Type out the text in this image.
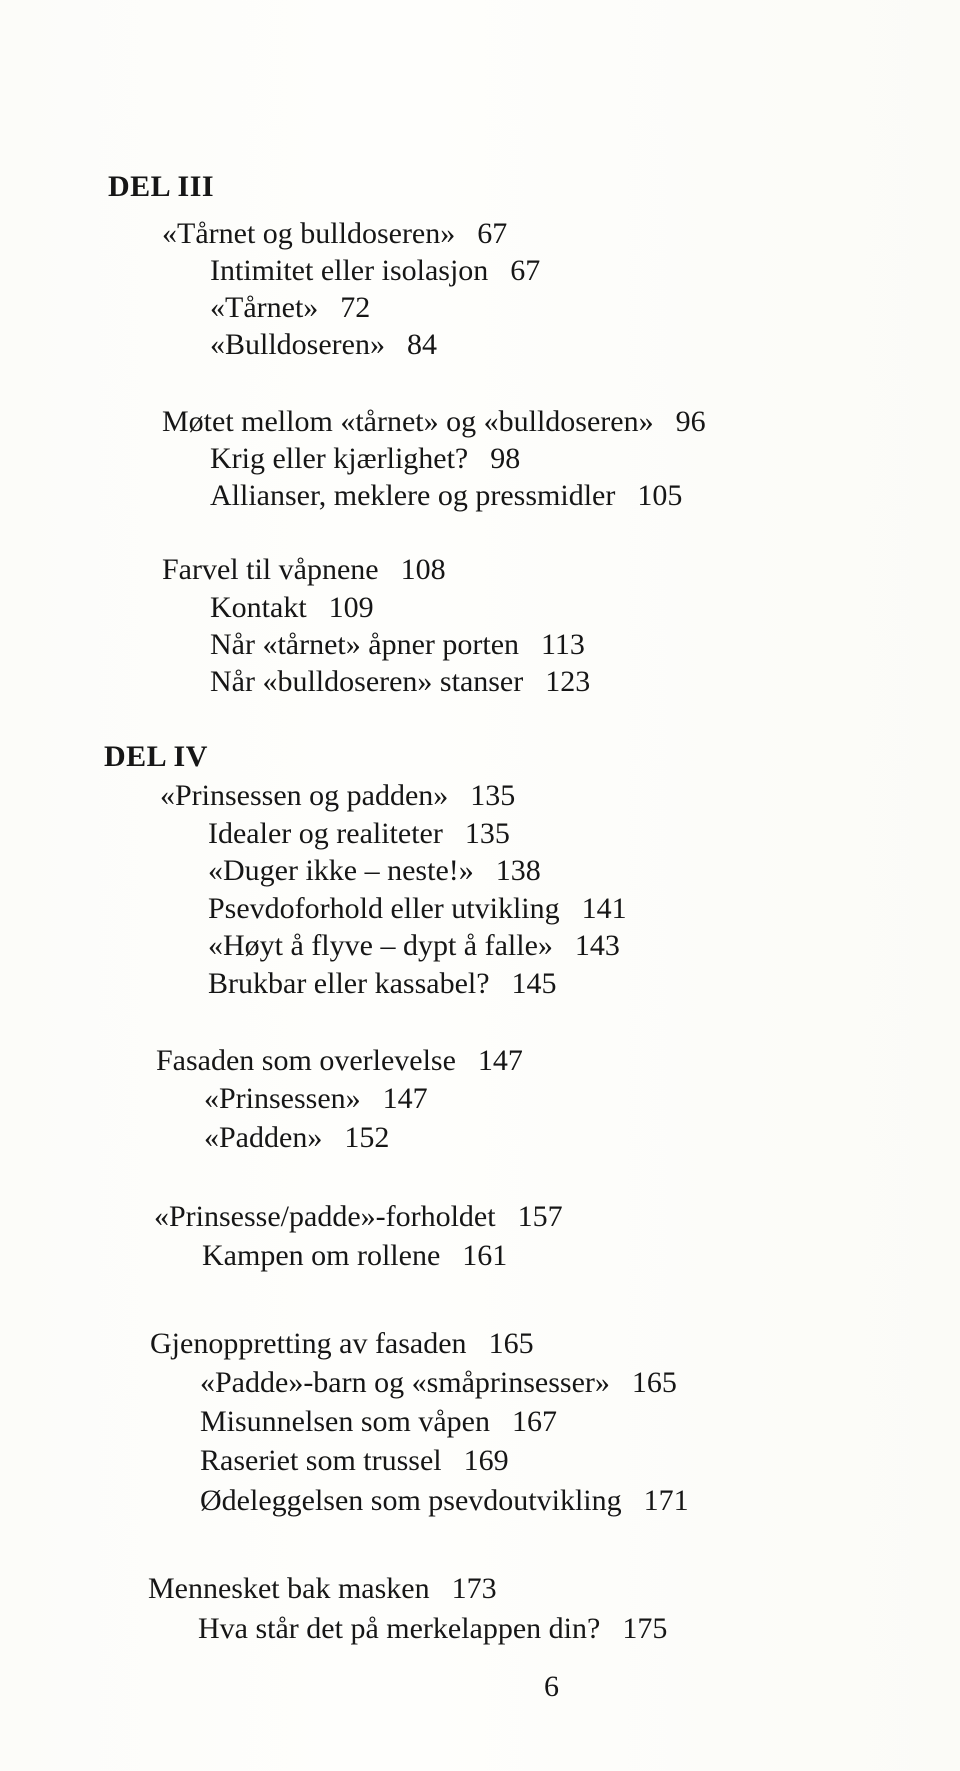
DEL III
«Tårnet og bulldoseren» 67
Intimitet eller isolasjon 67
«Tårnet» 72
«Bulldoseren» 84
Møtet mellom «tårnet» og «bulldoseren» 96
Krig eller kjærlighet? 98
Allianser, meklere og pressmidler 105
Farvel til våpnene 108
Kontakt 109
Når «tårnet» åpner porten 113
Når «bulldoseren» stanser 123
DEL IV
«Prinsessen og padden» 135
Idealer og realiteter 135
«Duger ikke – neste!» 138
Psevdoforhold eller utvikling 141
«Høyt å flyve – dypt å falle» 143
Brukbar eller kassabel? 145
Fasaden som overlevelse 147
«Prinsessen» 147
«Padden» 152
«Prinsesse/padde»-forholdet 157
Kampen om rollene 161
Gjenoppretting av fasaden 165
«Padde»-barn og «småprinsesser» 165
Misunnelsen som våpen 167
Raseriet som trussel 169
Ødeleggelsen som psevdoutvikling 171
Mennesket bak masken 173
Hva står det på merkelappen din? 175
6
